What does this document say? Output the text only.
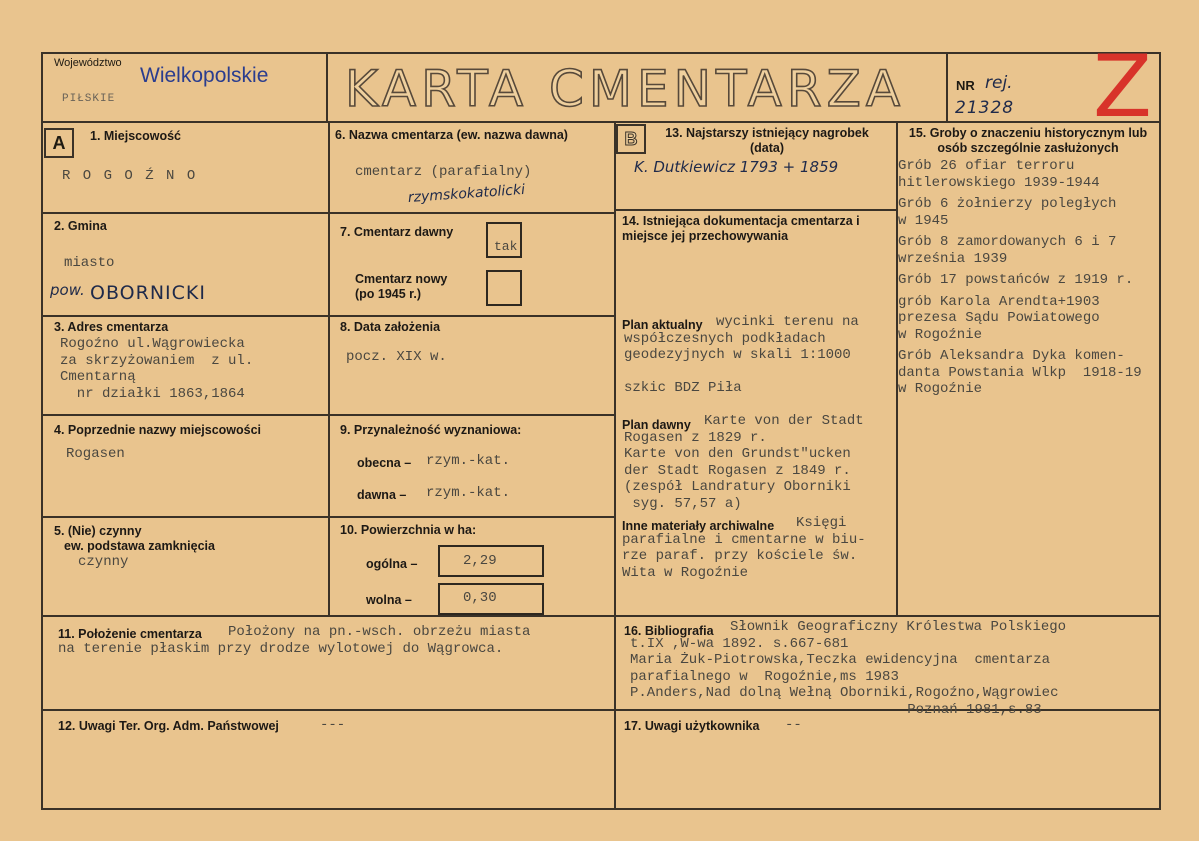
Województwo
Wielkopolskie
PIŁSKIE	KARTA CMENTARZA	NR rej.
21328 Z
A	1. Miejscowość
R O G O Ź N O
2. Gmina
miasto
pow. OBORNICKI
3. Adres cmentarza
Rogoźno ul.Wągrowiecka
za skrzyżowaniem  z ul.
Cmentarną
nr działki 1863,1864
4. Poprzednie nazwy miejscowości
Rogasen
5. (Nie) czynny
ew. podstawa zamknięcia
czynny
6. Nazwa cmentarza (ew. nazwa dawna)
cmentarz (parafialny)
rzymskokatolicki
7. Cmentarz dawny
tak
Cmentarz nowy (po 1945 r.)
8. Data założenia
pocz. XIX w.
9. Przynależność wyznaniowa:
obecna – rzym.-kat.
dawna – rzym.-kat.
10. Powierzchnia w ha:
ogólna –	2,29
wolna –	0,30
B	13. Najstarszy istniejący nagrobek (data)
K. Dutkiewicz 1793 + 1859
14. Istniejąca dokumentacja cmentarza i miejsce jej przechowywania
Plan aktualny wycinki terenu na
współczesnych podkładach
geodezyjnych w skali 1:1000

szkic BDZ Piła
Plan dawny Karte von der Stadt
Rogasen z 1829 r.
Karte von den Grundst"ucken
der Stadt Rogasen z 1849 r.
(zespół Landratury Oborniki
syg. 57,57 a)
Inne materiały archiwalne	Księgi
parafialne i cmentarne w biu-
rze paraf. przy kościele św.
Wita w Rogoźnie
15. Groby o znaczeniu historycznym lub osób szczególnie zasłużonych
Grób 26 ofiar terroru
hitlerowskiego 1939-1944
Grób 6 żołnierzy poległych
w 1945
Grób 8 zamordowanych 6 i 7
września 1939
Grób 17 powstańców z 1919 r.
grób Karola Arendta+1903
prezesa Sądu Powiatowego
w Rogoźnie
Grób Aleksandra Dyka komen-
danta Powstania Wlkp  1918-19
w Rogoźnie
11. Położenie cmentarza	Położony na pn.-wsch. obrzeżu miasta
na terenie płaskim przy drodze wylotowej do Wągrowca.
16. Bibliografia	Słownik Geograficzny Królestwa Polskiego
t.IX ,W-wa 1892. s.667-681
Maria Żuk-Piotrowska,Teczka ewidencyjna  cmentarza
parafialnego w  Rogoźnie,ms 1983
P.Anders,Nad dolną Wełną Oborniki,Rogoźno,Wągrowiec
Poznań 1981,s.83
12. Uwagi Ter. Org. Adm. Państwowej	---	17. Uwagi użytkownika --
